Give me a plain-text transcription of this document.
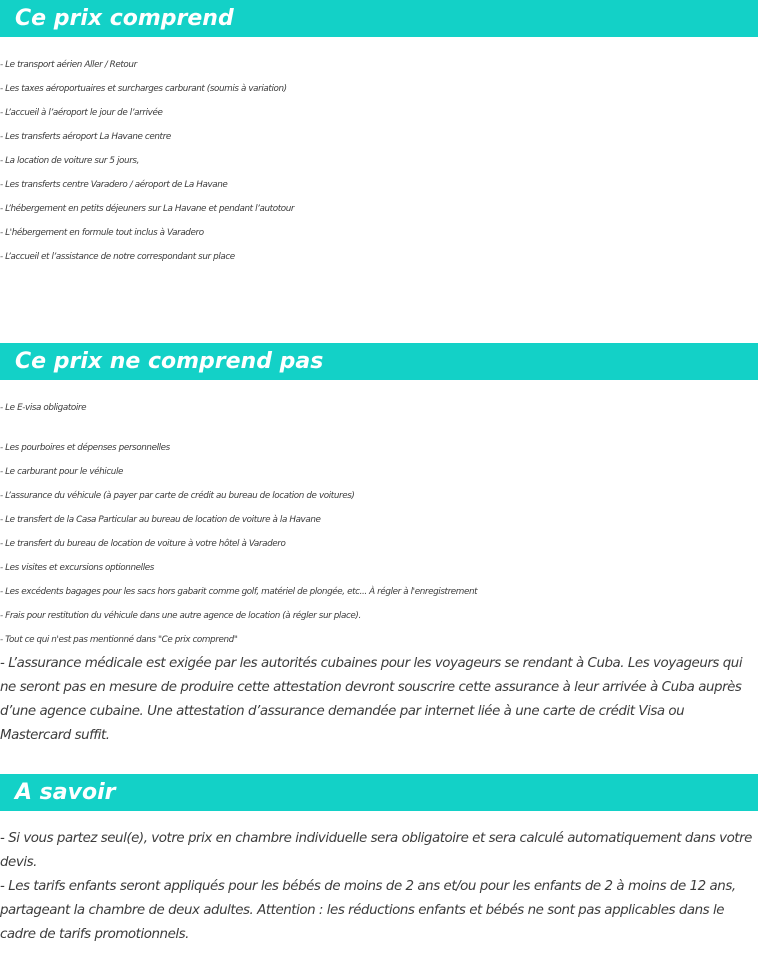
Ce prix comprend
- Le transport aérien Aller / Retour
- Les taxes aéroportuaires et surcharges carburant (soumis à variation)
- L’accueil à l’aéroport le jour de l’arrivée
- Les transferts aéroport La Havane centre
- La location de voiture sur 5 jours,
- Les transferts centre Varadero / aéroport de La Havane
- L’hébergement en petits déjeuners sur La Havane et pendant l’autotour
- L'hébergement en formule tout inclus à Varadero
- L’accueil et l’assistance de notre correspondant sur place
Ce prix ne comprend pas
- Le E-visa obligatoire
- Les pourboires et dépenses personnelles
- Le carburant pour le véhicule
- L’assurance du véhicule (à payer par carte de crédit au bureau de location de voitures)
- Le transfert de la Casa Particular au bureau de location de voiture à la Havane
- Le transfert du bureau de location de voiture à votre hôtel à Varadero
- Les visites et excursions optionnelles
- Les excédents bagages pour les sacs hors gabarit comme golf, matériel de plongée, etc... À régler à l'enregistrement
- Frais pour restitution du véhicule dans une autre agence de location (à régler sur place).
- Tout ce qui n'est pas mentionné dans "Ce prix comprend"
- L’assurance médicale est exigée par les autorités cubaines pour les voyageurs se rendant à Cuba. Les voyageurs qui ne seront pas en mesure de produire cette attestation devront souscrire cette assurance à leur arrivée à Cuba auprès d’une agence cubaine. Une attestation d’assurance demandée par internet liée à une carte de crédit Visa ou Mastercard suffit.
A savoir
- Si vous partez seul(e), votre prix en chambre individuelle sera obligatoire et sera calculé automatiquement dans votre devis.
- Les tarifs enfants seront appliqués pour les bébés de moins de 2 ans et/ou pour les enfants de 2 à moins de 12 ans, partageant la chambre de deux adultes. Attention : les réductions enfants et bébés ne sont pas applicables dans le cadre de tarifs promotionnels.
